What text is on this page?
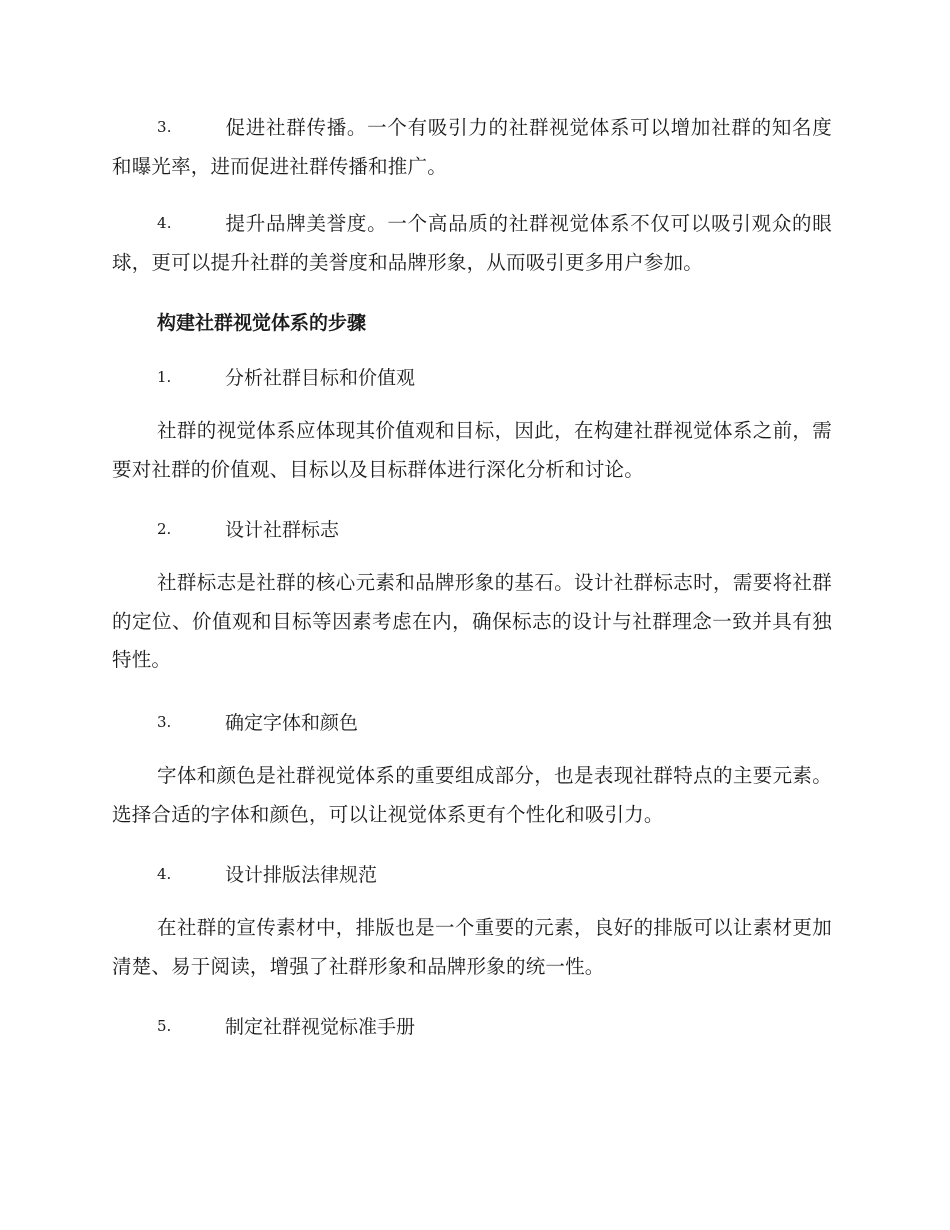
3.	促进社群传播。一个有吸引力的社群视觉体系可以增加社群的知名度和曝光率，进而促进社群传播和推广。
4.	提升品牌美誉度。一个高品质的社群视觉体系不仅可以吸引观众的眼球，更可以提升社群的美誉度和品牌形象，从而吸引更多用户参加。
构建社群视觉体系的步骤
1.	分析社群目标和价值观
社群的视觉体系应体现其价值观和目标，因此，在构建社群视觉体系之前，需要对社群的价值观、目标以及目标群体进行深化分析和讨论。
2.	设计社群标志
社群标志是社群的核心元素和品牌形象的基石。设计社群标志时，需要将社群的定位、价值观和目标等因素考虑在内，确保标志的设计与社群理念一致并具有独特性。
3.	确定字体和颜色
字体和颜色是社群视觉体系的重要组成部分，也是表现社群特点的主要元素。选择合适的字体和颜色，可以让视觉体系更有个性化和吸引力。
4.	设计排版法律规范
在社群的宣传素材中，排版也是一个重要的元素，良好的排版可以让素材更加清楚、易于阅读，增强了社群形象和品牌形象的统一性。
5.	制定社群视觉标准手册
